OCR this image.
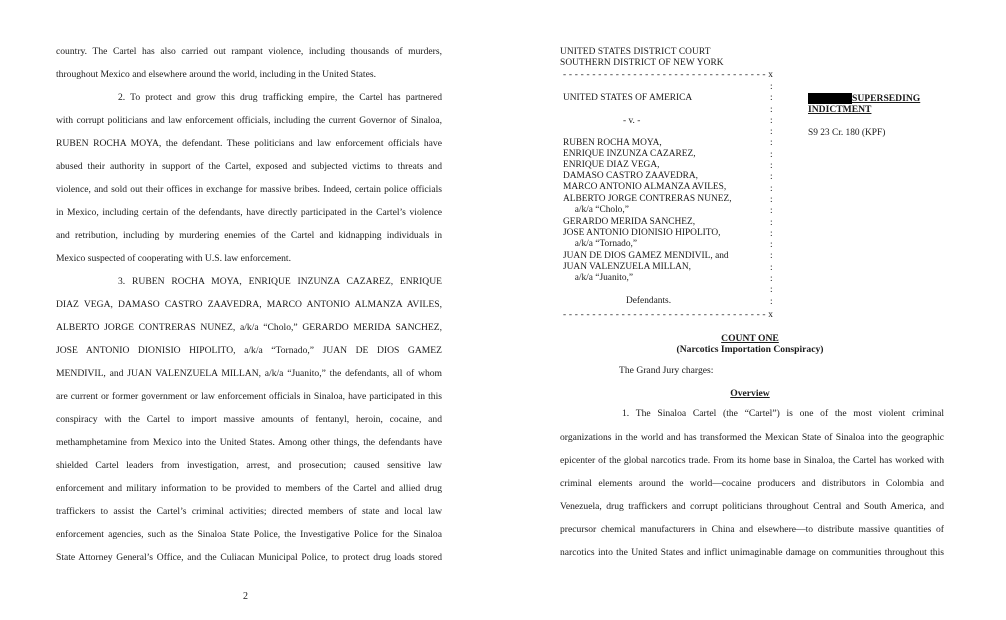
country. The Cartel has also carried out rampant violence, including thousands of murders,
throughout Mexico and elsewhere around the world, including in the United States.
2. To protect and grow this drug trafficking empire, the Cartel has partnered
with corrupt politicians and law enforcement officials, including the current Governor of Sinaloa,
RUBEN ROCHA MOYA, the defendant. These politicians and law enforcement officials have
abused their authority in support of the Cartel, exposed and subjected victims to threats and
violence, and sold out their offices in exchange for massive bribes. Indeed, certain police officials
in Mexico, including certain of the defendants, have directly participated in the Cartel’s violence
and retribution, including by murdering enemies of the Cartel and kidnapping individuals in
Mexico suspected of cooperating with U.S. law enforcement.
3. RUBEN ROCHA MOYA, ENRIQUE INZUNZA CAZAREZ, ENRIQUE
DIAZ VEGA, DAMASO CASTRO ZAAVEDRA, MARCO ANTONIO ALMANZA AVILES,
ALBERTO JORGE CONTRERAS NUNEZ, a/k/a “Cholo,” GERARDO MERIDA SANCHEZ,
JOSE ANTONIO DIONISIO HIPOLITO, a/k/a “Tornado,” JUAN DE DIOS GAMEZ
MENDIVIL, and JUAN VALENZUELA MILLAN, a/k/a “Juanito,” the defendants, all of whom
are current or former government or law enforcement officials in Sinaloa, have participated in this
conspiracy with the Cartel to import massive amounts of fentanyl, heroin, cocaine, and
methamphetamine from Mexico into the United States. Among other things, the defendants have
shielded Cartel leaders from investigation, arrest, and prosecution; caused sensitive law
enforcement and military information to be provided to members of the Cartel and allied drug
traffickers to assist the Cartel’s criminal activities; directed members of state and local law
enforcement agencies, such as the Sinaloa State Police, the Investigative Police for the Sinaloa
State Attorney General’s Office, and the Culiacan Municipal Police, to protect drug loads stored
2
UNITED STATES DISTRICT COURT
SOUTHERN DISTRICT OF NEW YORK
- - - - - - - - - - - - - - - - - - - - - - - - - - - - - - - - - - - x
UNITED STATES OF AMERICA
- v. -
RUBEN ROCHA MOYA,
ENRIQUE INZUNZA CAZAREZ,
ENRIQUE DIAZ VEGA,
DAMASO CASTRO ZAAVEDRA,
MARCO ANTONIO ALMANZA AVILES,
ALBERTO JORGE CONTRERAS NUNEZ,
a/k/a “Cholo,”
GERARDO MERIDA SANCHEZ,
JOSE ANTONIO DIONISIO HIPOLITO,
a/k/a “Tornado,”
JUAN DE DIOS GAMEZ MENDIVIL, and
JUAN VALENZUELA MILLAN,
a/k/a “Juanito,”
Defendants.
- - - - - - - - - - - - - - - - - - - - - - - - - - - - - - - - - - - x
:
:
:
:
:
:
:
:
:
:
:
:
:
:
:
:
:
:
:
:
SUPERSEDING
INDICTMENT
S9 23 Cr. 180 (KPF)
COUNT ONE
(Narcotics Importation Conspiracy)
The Grand Jury charges:
Overview
1. The Sinaloa Cartel (the “Cartel”) is one of the most violent criminal
organizations in the world and has transformed the Mexican State of Sinaloa into the geographic
epicenter of the global narcotics trade. From its home base in Sinaloa, the Cartel has worked with
criminal elements around the world—cocaine producers and distributors in Colombia and
Venezuela, drug traffickers and corrupt politicians throughout Central and South America, and
precursor chemical manufacturers in China and elsewhere—to distribute massive quantities of
narcotics into the United States and inflict unimaginable damage on communities throughout this
